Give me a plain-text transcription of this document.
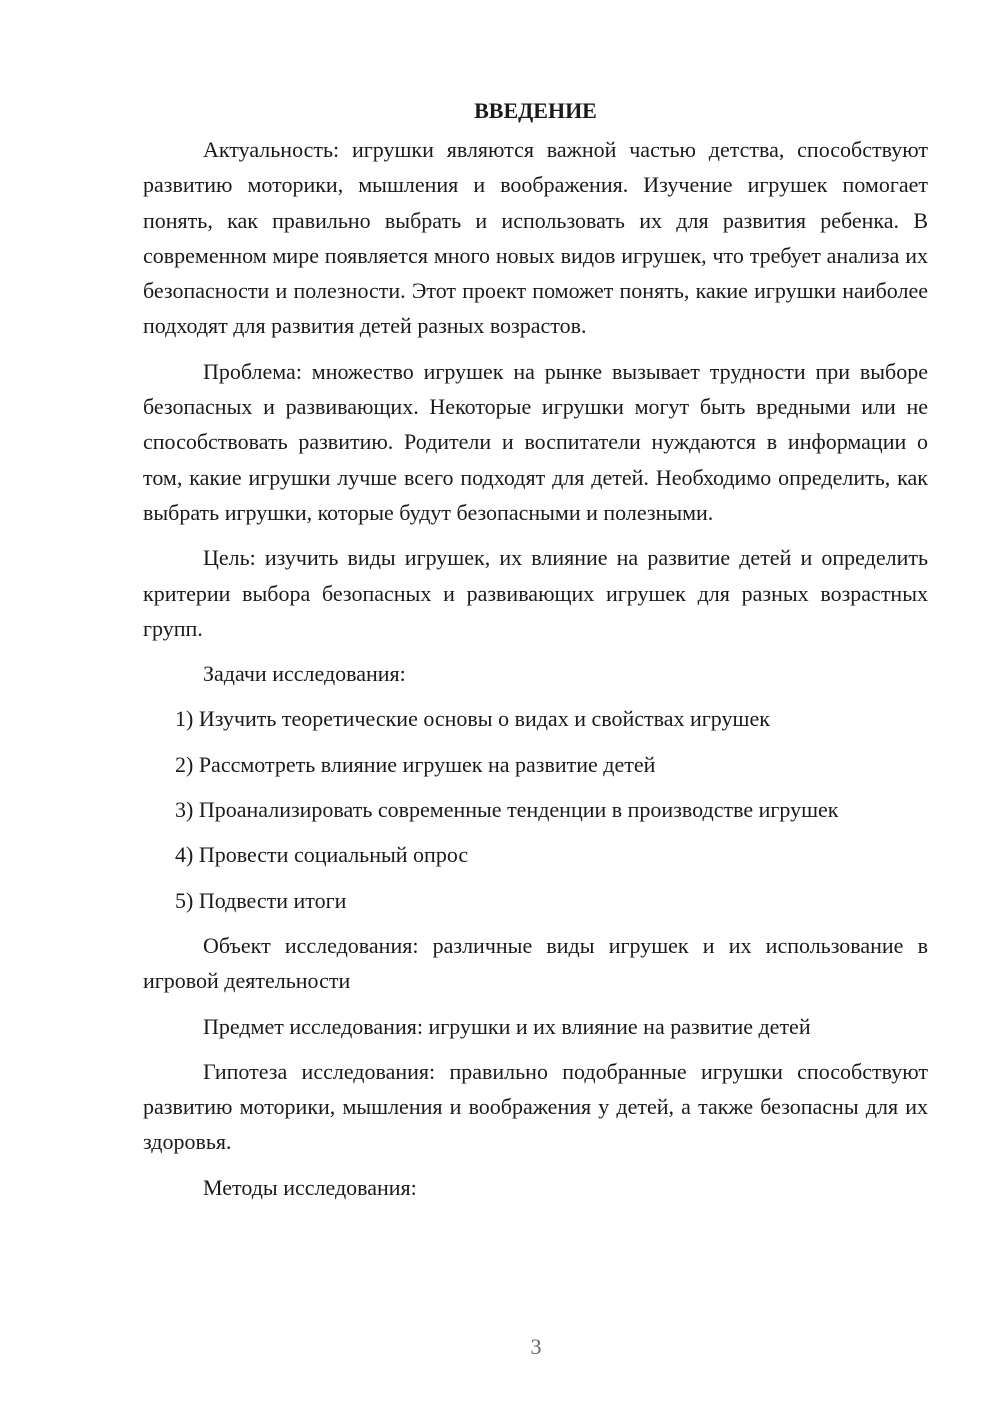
ВВЕДЕНИЕ

Актуальность: игрушки являются важной частью детства, способствуют развитию моторики, мышления и воображения. Изучение игрушек помогает понять, как правильно выбрать и использовать их для развития ребенка. В современном мире появляется много новых видов игрушек, что требует анализа их безопасности и полезности. Этот проект поможет понять, какие игрушки наиболее подходят для развития детей разных возрастов.

Проблема: множество игрушек на рынке вызывает трудности при выборе безопасных и развивающих. Некоторые игрушки могут быть вредными или не способствовать развитию. Родители и воспитатели нуждаются в информации о том, какие игрушки лучше всего подходят для детей. Необходимо определить, как выбрать игрушки, которые будут безопасными и полезными.

Цель: изучить виды игрушек, их влияние на развитие детей и определить критерии выбора безопасных и развивающих игрушек для разных возрастных групп.

Задачи исследования:
1) Изучить теоретические основы о видах и свойствах игрушек
2) Рассмотреть влияние игрушек на развитие детей
3) Проанализировать современные тенденции в производстве игрушек
4) Провести социальный опрос
5) Подвести итоги

Объект исследования: различные виды игрушек и их использование в игровой деятельности

Предмет исследования: игрушки и их влияние на развитие детей

Гипотеза исследования: правильно подобранные игрушки способствуют развитию моторики, мышления и воображения у детей, а также безопасны для их здоровья.

Методы исследования:
3
